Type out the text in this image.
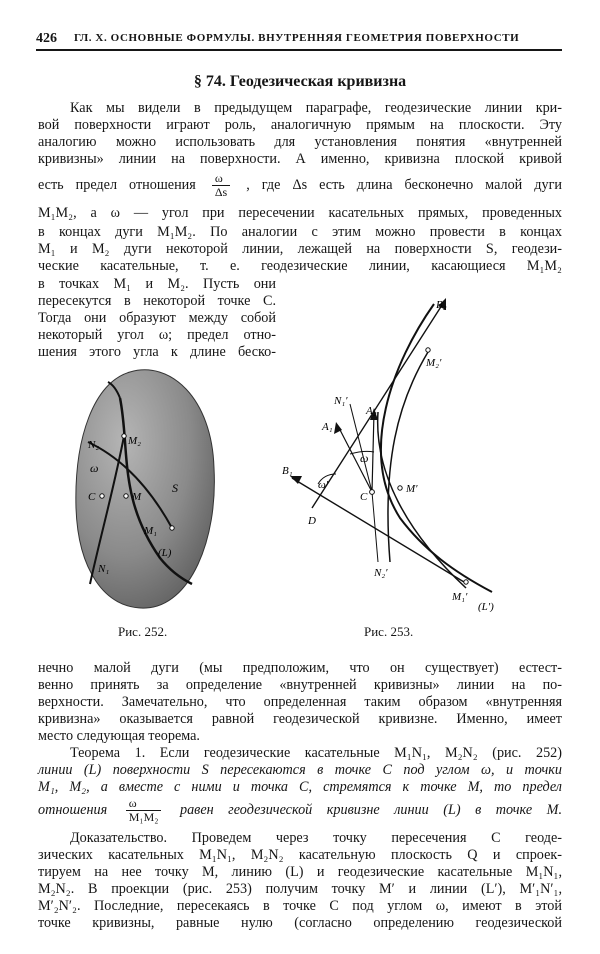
426 ГЛ. X. ОСНОВНЫЕ ФОРМУЛЫ. ВНУТРЕННЯЯ ГЕОМЕТРИЯ ПОВЕРХНОСТИ
§ 74. Геодезическая кривизна
Как мы видели в предыдущем параграфе, геодезические линии кри-
вой поверхности играют роль, аналогичную прямым на плоскости. Эту
аналогию можно использовать для установления понятия «внутренней
кривизны» линии на поверхности. А именно, кривизна плоской кривой
есть предел отношения $\frac{\omega}{\Delta s}$ , где Δs есть длина бесконечно малой дуги
M₁M₂, а ω — угол при пересечении касательных прямых, проведенных
в концах дуги M₁M₂. По аналогии с этим можно провести в концах
M₁ и M₂ дуги некоторой линии, лежащей на поверхности S, геодези-
ческие касательные, т. е. геодезические линии, касающиеся M₁M₂
в точках M₁ и M₂. Пусть они
пересекутся в некоторой точке C.
Тогда они образуют между собой
некоторый угол ω; предел отно-
шения этого угла к длине беско-
N₂	M₂
ω
C	M
S
M₁
(L)
N₁
Рис. 252.
B₂
M₂′
N₁′
A₂
A₁
ω
B₁
ω′
C
M′
D
N₂′
M₁′
(L′)
Рис. 253.
нечно малой дуги (мы предположим, что он существует) естест-
венно принять за определение «внутренней кривизны» линии на по-
верхности. Замечательно, что определенная таким образом «внутренняя
кривизна» оказывается равной геодезической кривизне. Именно, имеет
место следующая теорема.
Теорема 1. Если геодезические касательные M₁N₁, M₂N₂ (рис. 252)
линии (L) поверхности S пересекаются в точке C под углом ω, и точки
M₁, M₂, а вместе с ними и точка C, стремятся к точке M, то предел
отношения $\frac{\omega}{\text{M₁M₂}}$ равен геодезической кривизне линии (L) в точке M.
Доказательство. Проведем через точку пересечения C геоде-
зических касательных M₁N₁, M₂N₂ касательную плоскость Q и спроек-
тируем на нее точку M, линию (L) и геодезические касательные M₁N₁,
M₂N₂. В проекции (рис. 253) получим точку M′ и линии (L′), M′₁N′₁,
M′₂N′₂. Последние, пересекаясь в точке C под углом ω, имеют в этой
точке кривизны, равные нулю (согласно определению геодезической
